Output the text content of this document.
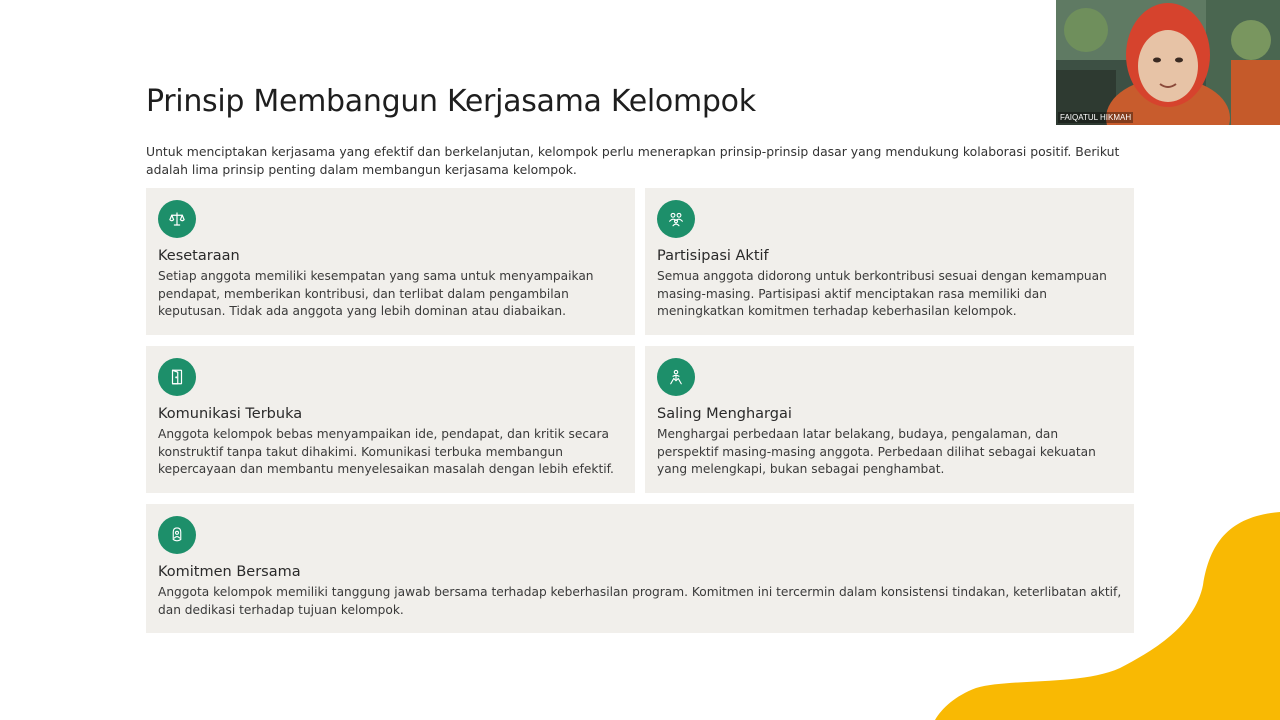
Prinsip Membangun Kerjasama Kelompok

Untuk menciptakan kerjasama yang efektif dan berkelanjutan, kelompok perlu menerapkan prinsip-prinsip dasar yang mendukung kolaborasi positif. Berikut adalah lima prinsip penting dalam membangun kerjasama kelompok.

Kesetaraan

Setiap anggota memiliki kesempatan yang sama untuk menyampaikan pendapat, memberikan kontribusi, dan terlibat dalam pengambilan keputusan. Tidak ada anggota yang lebih dominan atau diabaikan.

Partisipasi Aktif

Semua anggota didorong untuk berkontribusi sesuai dengan kemampuan masing-masing. Partisipasi aktif menciptakan rasa memiliki dan meningkatkan komitmen terhadap keberhasilan kelompok.

Komunikasi Terbuka

Anggota kelompok bebas menyampaikan ide, pendapat, dan kritik secara konstruktif tanpa takut dihakimi. Komunikasi terbuka membangun kepercayaan dan membantu menyelesaikan masalah dengan lebih efektif.

Saling Menghargai

Menghargai perbedaan latar belakang, budaya, pengalaman, dan perspektif masing-masing anggota. Perbedaan dilihat sebagai kekuatan yang melengkapi, bukan sebagai penghambat.

Komitmen Bersama

Anggota kelompok memiliki tanggung jawab bersama terhadap keberhasilan program. Komitmen ini tercermin dalam konsistensi tindakan, keterlibatan aktif, dan dedikasi terhadap tujuan kelompok.

FAIQATUL HIKMAH
